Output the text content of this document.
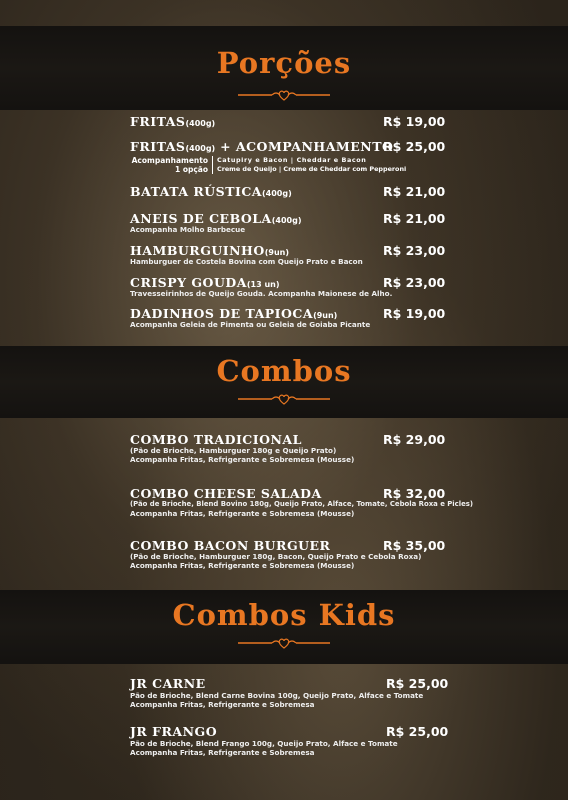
Porções
FRITAS(400g)	R$ 19,00
FRITAS(400g) + ACOMPANHAMENTO
R$ 25,00
Acompanhamento
1 opção
Catupiry e Bacon | Cheddar e Bacon
Creme de Queijo | Creme de Cheddar com Pepperoni
BATATA RÚSTICA(400g)	R$ 21,00
ANEIS DE CEBOLA(400g)	R$ 21,00
Acompanha Molho Barbecue
HAMBURGUINHO(9un)	R$ 23,00
Hamburguer de Costela Bovina com Queijo Prato e Bacon
CRISPY GOUDA(13 un)	R$ 23,00
Travesseirinhos de Queijo Gouda. Acompanha Maionese de Alho.
DADINHOS DE TAPIOCA(9un)	R$ 19,00
Acompanha Geleia de Pimenta ou Geleia de Goiaba Picante
Combos
COMBO TRADICIONAL	R$ 29,00
(Pão de Brioche, Hamburguer 180g e Queijo Prato)
Acompanha Fritas, Refrigerante e Sobremesa (Mousse)
COMBO CHEESE SALADA	R$ 32,00
(Pão de Brioche, Blend Bovino 180g, Queijo Prato, Alface, Tomate, Cebola Roxa e Picles)
Acompanha Fritas, Refrigerante e Sobremesa (Mousse)
COMBO BACON BURGUER	R$ 35,00
(Pão de Brioche, Hamburguer 180g, Bacon, Queijo Prato e Cebola Roxa)
Acompanha Fritas, Refrigerante e Sobremesa (Mousse)
Combos Kids
JR CARNE	R$ 25,00
Pão de Brioche, Blend Carne Bovina 100g, Queijo Prato, Alface e Tomate
Acompanha Fritas, Refrigerante e Sobremesa
JR FRANGO	R$ 25,00
Pão de Brioche, Blend Frango 100g, Queijo Prato, Alface e Tomate
Acompanha Fritas, Refrigerante e Sobremesa
